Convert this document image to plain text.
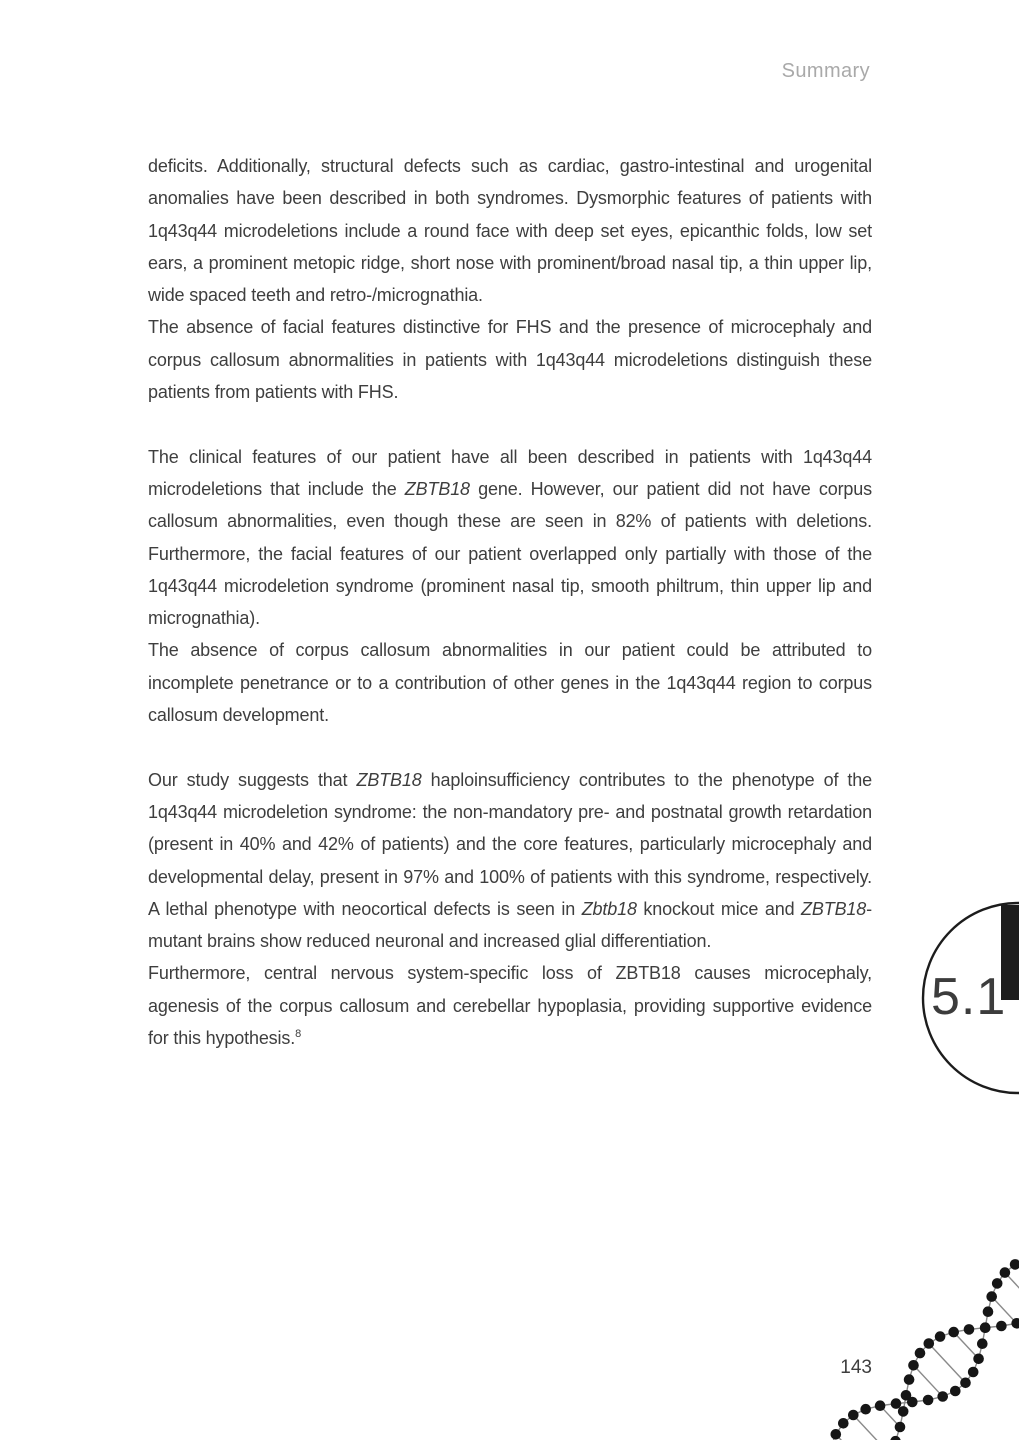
Summary

deficits. Additionally, structural defects such as cardiac, gastro-intestinal and urogenital anomalies have been described in both syndromes. Dysmorphic features of patients with 1q43q44 microdeletions include a round face with deep set eyes, epicanthic folds, low set ears, a prominent metopic ridge, short nose with prominent/broad nasal tip, a thin upper lip, wide spaced teeth and retro-/micrognathia.

The absence of facial features distinctive for FHS and the presence of microcephaly and corpus callosum abnormalities in patients with 1q43q44 microdeletions distinguish these patients from patients with FHS.

The clinical features of our patient have all been described in patients with 1q43q44 microdeletions that include the ZBTB18 gene. However, our patient did not have corpus callosum abnormalities, even though these are seen in 82% of patients with deletions. Furthermore, the facial features of our patient overlapped only partially with those of the 1q43q44 microdeletion syndrome (prominent nasal tip, smooth philtrum, thin upper lip and micrognathia).

The absence of corpus callosum abnormalities in our patient could be attributed to incomplete penetrance or to a contribution of other genes in the 1q43q44 region to corpus callosum development.

Our study suggests that ZBTB18 haploinsufficiency contributes to the phenotype of the 1q43q44 microdeletion syndrome: the non-mandatory pre- and postnatal growth retardation (present in 40% and 42% of patients) and the core features, particularly microcephaly and developmental delay, present in 97% and 100% of patients with this syndrome, respectively. A lethal phenotype with neocortical defects is seen in Zbtb18 knockout mice and ZBTB18-mutant brains show reduced neuronal and increased glial differentiation.

Furthermore, central nervous system-specific loss of ZBTB18 causes microcephaly, agenesis of the corpus callosum and cerebellar hypoplasia, providing supportive evidence for this hypothesis.$^8$

5.1
143
